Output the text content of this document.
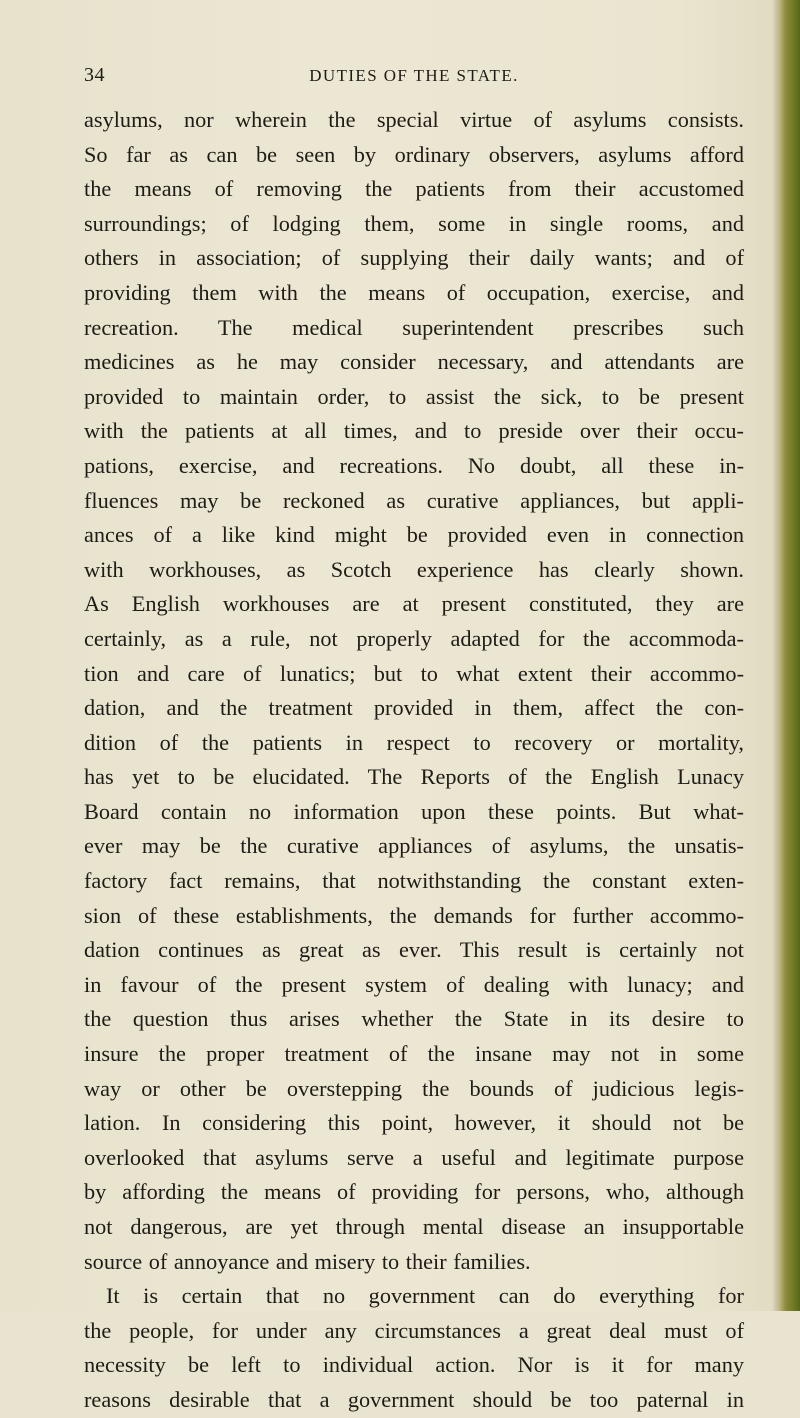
34	DUTIES OF THE STATE.
asylums, nor wherein the special virtue of asylums consists.
So far as can be seen by ordinary observers, asylums afford
the means of removing the patients from their accustomed
surroundings; of lodging them, some in single rooms, and
others in association; of supplying their daily wants; and of
providing them with the means of occupation, exercise, and
recreation. The medical superintendent prescribes such
medicines as he may consider necessary, and attendants are
provided to maintain order, to assist the sick, to be present
with the patients at all times, and to preside over their occu-
pations, exercise, and recreations. No doubt, all these in-
fluences may be reckoned as curative appliances, but appli-
ances of a like kind might be provided even in connection
with workhouses, as Scotch experience has clearly shown.
As English workhouses are at present constituted, they are
certainly, as a rule, not properly adapted for the accommoda-
tion and care of lunatics; but to what extent their accommo-
dation, and the treatment provided in them, affect the con-
dition of the patients in respect to recovery or mortality,
has yet to be elucidated. The Reports of the English Lunacy
Board contain no information upon these points. But what-
ever may be the curative appliances of asylums, the unsatis-
factory fact remains, that notwithstanding the constant exten-
sion of these establishments, the demands for further accommo-
dation continues as great as ever. This result is certainly not
in favour of the present system of dealing with lunacy; and
the question thus arises whether the State in its desire to
insure the proper treatment of the insane may not in some
way or other be overstepping the bounds of judicious legis-
lation. In considering this point, however, it should not be
overlooked that asylums serve a useful and legitimate purpose
by affording the means of providing for persons, who, although
not dangerous, are yet through mental disease an insupportable
source of annoyance and misery to their families.
It is certain that no government can do everything for
the people, for under any circumstances a great deal must of
necessity be left to individual action. Nor is it for many
reasons desirable that a government should be too paternal in
